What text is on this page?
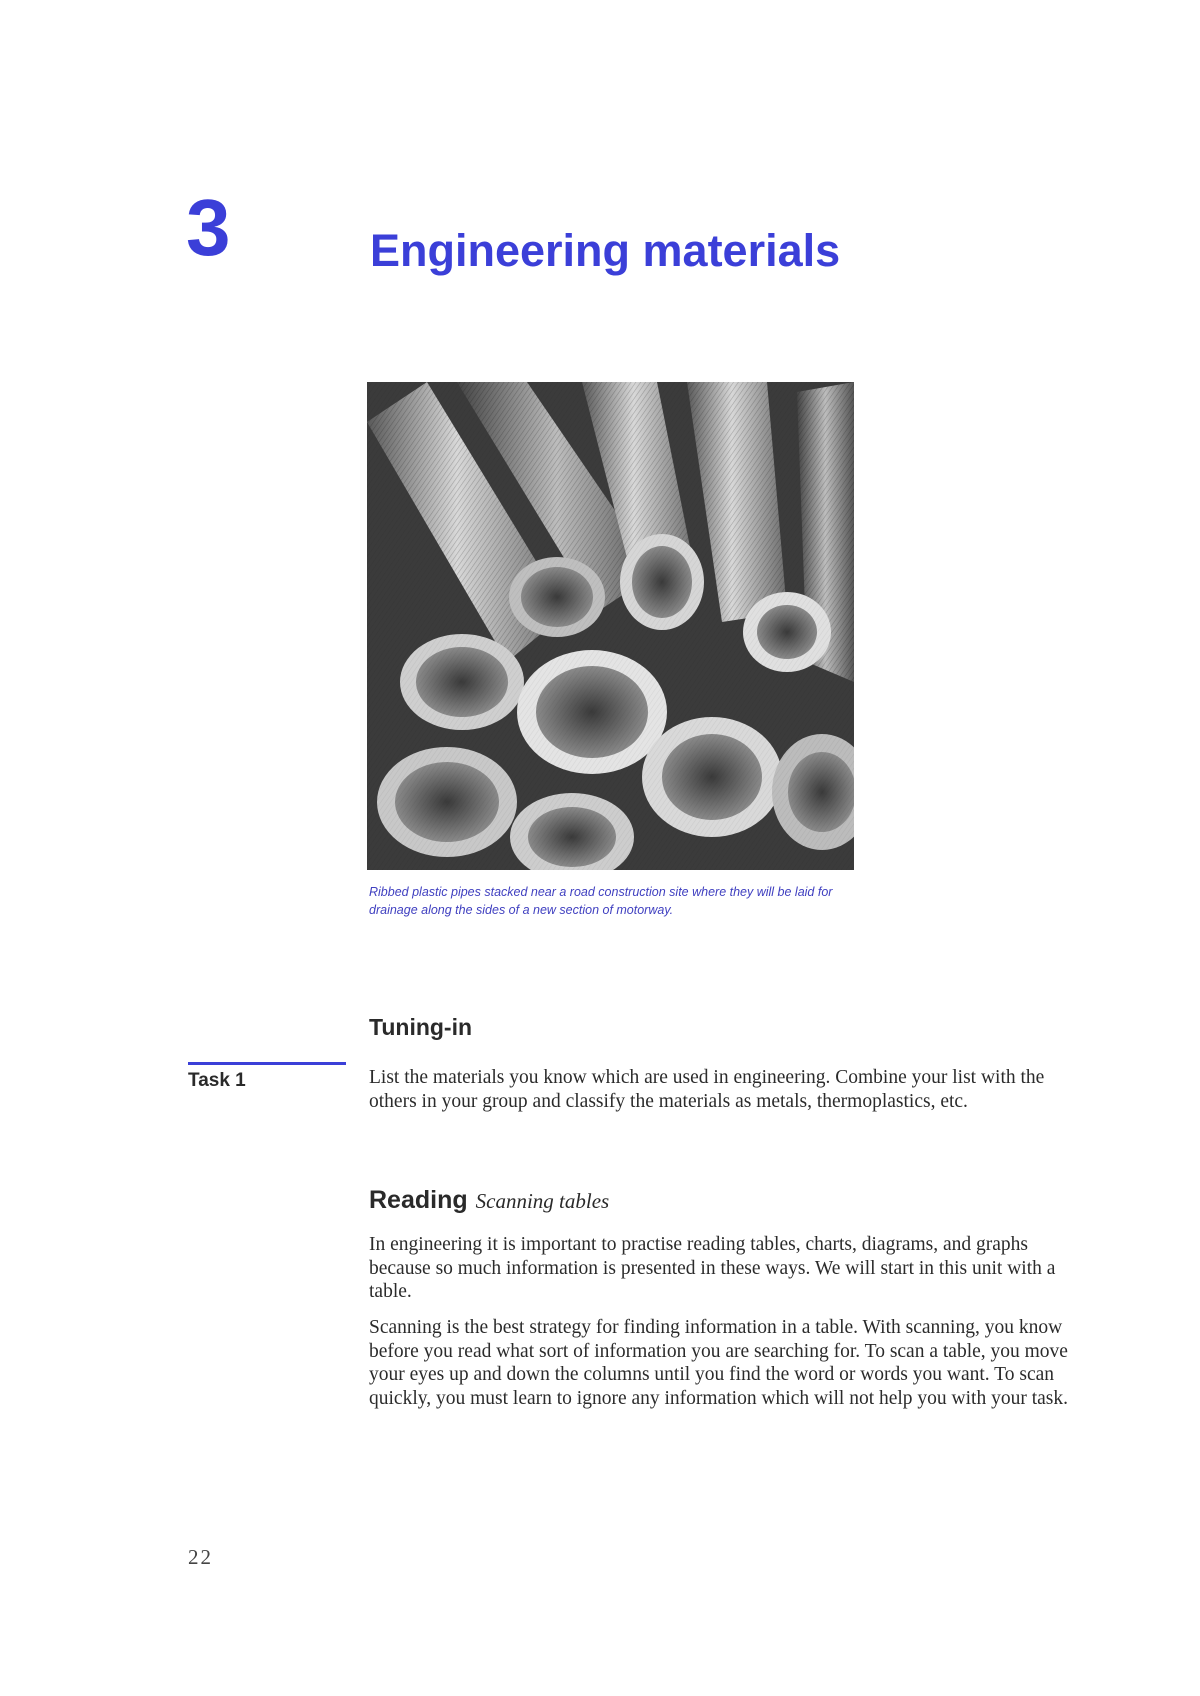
3	Engineering materials

Ribbed plastic pipes stacked near a road construction site where they will be laid for drainage along the sides of a new section of motorway.

Tuning-in

Task 1	List the materials you know which are used in engineering. Combine your list with the others in your group and classify the materials as metals, thermoplastics, etc.

Reading Scanning tables

In engineering it is important to practise reading tables, charts, diagrams, and graphs because so much information is presented in these ways. We will start in this unit with a table.

Scanning is the best strategy for finding information in a table. With scanning, you know before you read what sort of information you are searching for. To scan a table, you move your eyes up and down the columns until you find the word or words you want. To scan quickly, you must learn to ignore any information which will not help you with your task.

22
